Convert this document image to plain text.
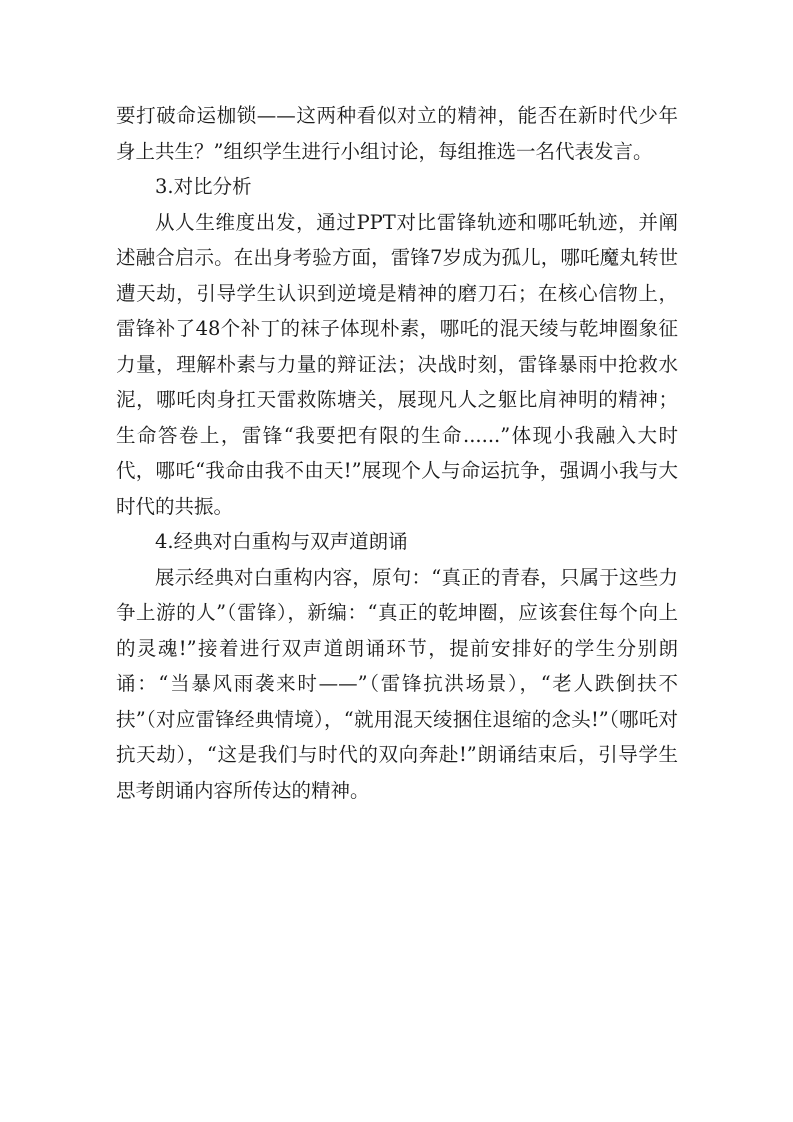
要打破命运枷锁——这两种看似对立的精神，能否在新时代少年身上共生？”组织学生进行小组讨论，每组推选一名代表发言。

3.对比分析

从人生维度出发，通过PPT对比雷锋轨迹和哪吒轨迹，并阐述融合启示。在出身考验方面，雷锋7岁成为孤儿，哪吒魔丸转世遭天劫，引导学生认识到逆境是精神的磨刀石；在核心信物上，雷锋补了48个补丁的袜子体现朴素，哪吒的混天绫与乾坤圈象征力量，理解朴素与力量的辩证法；决战时刻，雷锋暴雨中抢救水泥，哪吒肉身扛天雷救陈塘关，展现凡人之躯比肩神明的精神；生命答卷上，雷锋“我要把有限的生命......”体现小我融入大时代，哪吒“我命由我不由天!”展现个人与命运抗争，强调小我与大时代的共振。

4.经典对白重构与双声道朗诵

展示经典对白重构内容，原句：“真正的青春，只属于这些力争上游的人”（雷锋），新编：“真正的乾坤圈，应该套住每个向上的灵魂!”接着进行双声道朗诵环节，提前安排好的学生分别朗诵：“当暴风雨袭来时——”（雷锋抗洪场景），“老人跌倒扶不扶”（对应雷锋经典情境），“就用混天绫捆住退缩的念头!”（哪吒对抗天劫），“这是我们与时代的双向奔赴!”朗诵结束后，引导学生思考朗诵内容所传达的精神。
